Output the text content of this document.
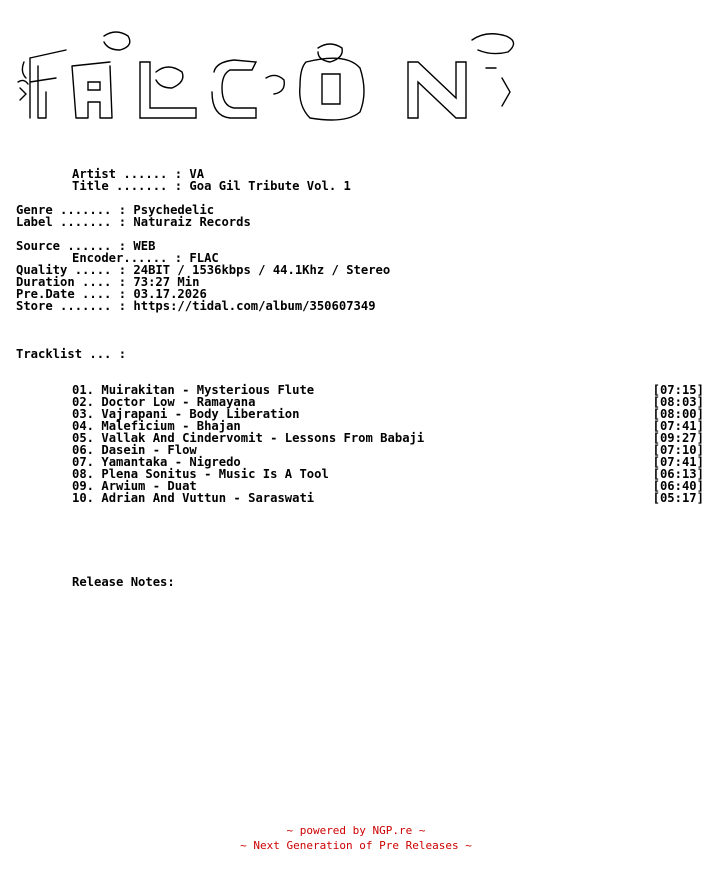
Artist ...... : VA

Title ....... : Goa Gil Tribute Vol. 1

Genre ....... : Psychedelic

Label ....... : Naturaiz Records

Source ...... : WEB

Encoder...... : FLAC

Quality ..... : 24BIT / 1536kbps / 44.1Khz / Stereo

Duration .... : 73:27 Min

Pre.Date .... : 03.17.2026

Store ....... : https://tidal.com/album/350607349

Tracklist ... :

01. Muirakitan - Mysterious Flute	[07:15]

02. Doctor Low - Ramayana	[08:03]

03. Vajrapani - Body Liberation	[08:00]

04. Maleficium - Bhajan	[07:41]

05. Vallak And Cindervomit - Lessons From Babaji	[09:27]

06. Dasein - Flow	[07:10]

07. Yamantaka - Nigredo	[07:41]

08. Plena Sonitus - Music Is A Tool	[06:13]

09. Arwium - Duat	[06:40]

10. Adrian And Vuttun - Saraswati	[05:17]

Release Notes:

~ powered by NGP.re ~
~ Next Generation of Pre Releases ~
